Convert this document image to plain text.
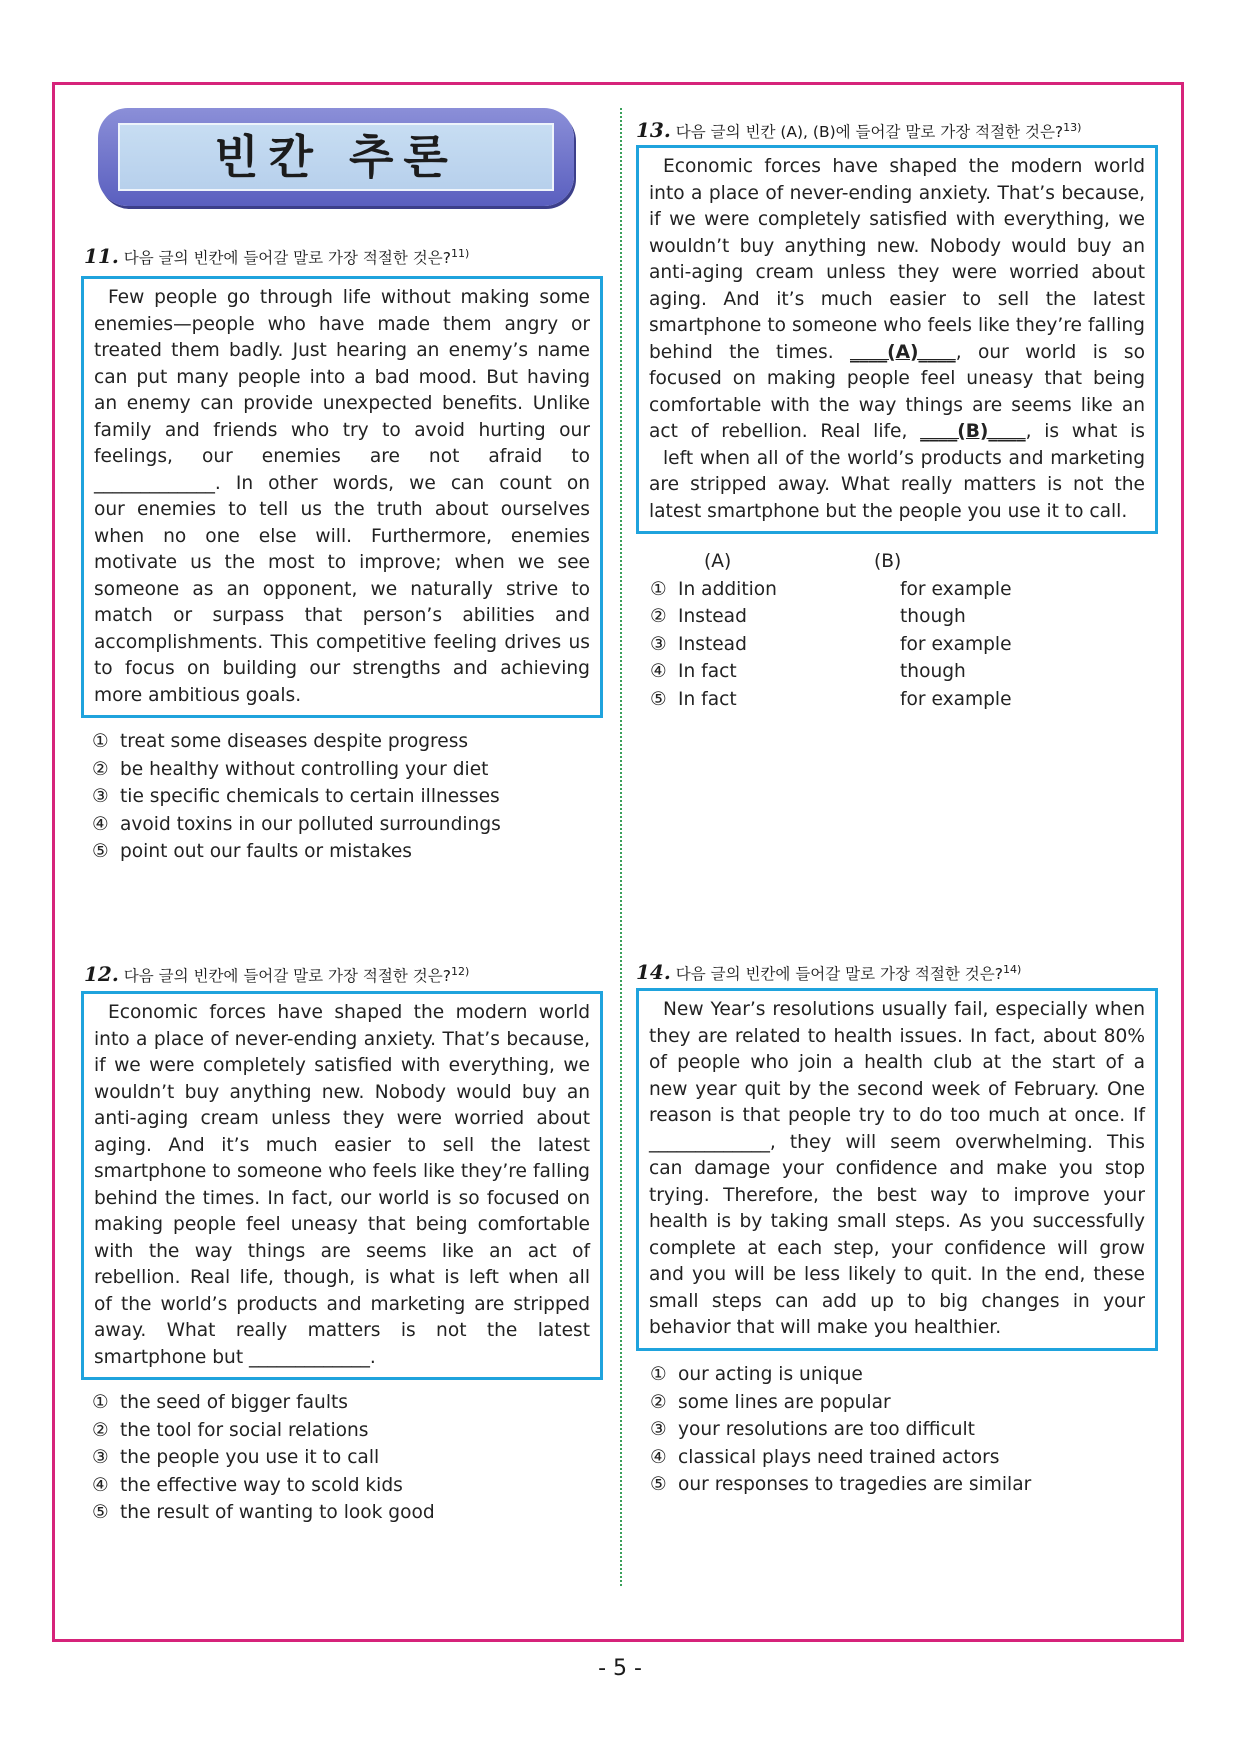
빈칸 추론
11. 다음 글의 빈칸에 들어갈 말로 가장 적절한 것은?$^{11)}$
Few people go through life without making some
enemies—people who have made them angry or
treated them badly. Just hearing an enemy’s name
can put many people into a bad mood. But having
an enemy can provide unexpected benefits. Unlike
family and friends who try to avoid hurting our
feelings, our enemies are not afraid to
_____________. In other words, we can count on
our enemies to tell us the truth about ourselves
when no one else will. Furthermore, enemies
motivate us the most to improve; when we see
someone as an opponent, we naturally strive to
match or surpass that person’s abilities and
accomplishments. This competitive feeling drives us
to focus on building our strengths and achieving
more ambitious goals.
① treat some diseases despite progress
② be healthy without controlling your diet
③ tie specific chemicals to certain illnesses
④ avoid toxins in our polluted surroundings
⑤ point out our faults or mistakes
12. 다음 글의 빈칸에 들어갈 말로 가장 적절한 것은?$^{12)}$
Economic forces have shaped the modern world
into a place of never-ending anxiety. That’s because,
if we were completely satisfied with everything, we
wouldn’t buy anything new. Nobody would buy an
anti-aging cream unless they were worried about
aging. And it’s much easier to sell the latest
smartphone to someone who feels like they’re falling
behind the times. In fact, our world is so focused on
making people feel uneasy that being comfortable
with the way things are seems like an act of
rebellion. Real life, though, is what is left when all
of the world’s products and marketing are stripped
away. What really matters is not the latest
smartphone but _____________.
① the seed of bigger faults
② the tool for social relations
③ the people you use it to call
④ the effective way to scold kids
⑤ the result of wanting to look good
13. 다음 글의 빈칸 (A), (B)에 들어갈 말로 가장 적절한 것은?$^{13)}$
Economic forces have shaped the modern world
into a place of never-ending anxiety. That’s because,
if we were completely satisfied with everything, we
wouldn’t buy anything new. Nobody would buy an
anti-aging cream unless they were worried about
aging. And it’s much easier to sell the latest
smartphone to someone who feels like they’re falling
behind the times. ____(A)____, our world is so
focused on making people feel uneasy that being
comfortable with the way things are seems like an
act of rebellion. Real life, ____(B)____, is what is
left when all of the world’s products and marketing
are stripped away. What really matters is not the
latest smartphone but the people you use it to call.
(A)	(B)
① In addition	for example
② Instead	though
③ Instead	for example
④ In fact	though
⑤ In fact	for example
14. 다음 글의 빈칸에 들어갈 말로 가장 적절한 것은?$^{14)}$
New Year’s resolutions usually fail, especially when
they are related to health issues. In fact, about 80%
of people who join a health club at the start of a
new year quit by the second week of February. One
reason is that people try to do too much at once. If
_____________, they will seem overwhelming. This
can damage your confidence and make you stop
trying. Therefore, the best way to improve your
health is by taking small steps. As you successfully
complete at each step, your confidence will grow
and you will be less likely to quit. In the end, these
small steps can add up to big changes in your
behavior that will make you healthier.
① our acting is unique
② some lines are popular
③ your resolutions are too difficult
④ classical plays need trained actors
⑤ our responses to tragedies are similar
- 5 -
